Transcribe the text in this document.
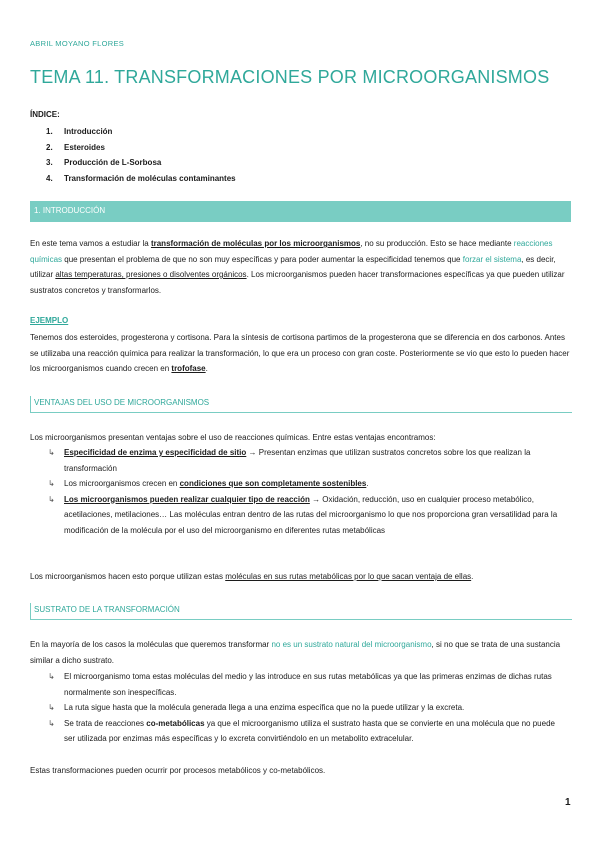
ABRIL MOYANO FLORES
TEMA 11. TRANSFORMACIONES POR MICROORGANISMOS
ÍNDICE:
1. Introducción
2. Esteroides
3. Producción de L-Sorbosa
4. Transformación de moléculas contaminantes
1. INTRODUCCIÓN

En este tema vamos a estudiar la transformación de moléculas por los microorganismos, no su producción. Esto se hace mediante reacciones químicas que presentan el problema de que no son muy específicas y para poder aumentar la especificidad tenemos que forzar el sistema, es decir, utilizar altas temperaturas, presiones o disolventes orgánicos. Los microorganismos pueden hacer transformaciones específicas ya que pueden utilizar sustratos concretos y transformarlos.

EJEMPLO

Tenemos dos esteroides, progesterona y cortisona. Para la síntesis de cortisona partimos de la progesterona que se diferencia en dos carbonos. Antes se utilizaba una reacción química para realizar la transformación, lo que era un proceso con gran coste. Posteriormente se vio que esto lo pueden hacer los microorganismos cuando crecen en trofofase.

VENTAJAS DEL USO DE MICROORGANISMOS

Los microorganismos presentan ventajas sobre el uso de reacciones químicas. Entre estas ventajas encontramos:

↳ Especificidad de enzima y especificidad de sitio → Presentan enzimas que utilizan sustratos concretos sobre los que realizan la transformación
↳ Los microorganismos crecen en condiciones que son completamente sostenibles.
↳ Los microorganismos pueden realizar cualquier tipo de reacción → Oxidación, reducción, uso en cualquier proceso metabólico, acetilaciones, metilaciones… Las moléculas entran dentro de las rutas del microorganismo lo que nos proporciona gran versatilidad para la modificación de la molécula por el uso del microorganismo en diferentes rutas metabólicas

Los microorganismos hacen esto porque utilizan estas moléculas en sus rutas metabólicas por lo que sacan ventaja de ellas.

SUSTRATO DE LA TRANSFORMACIÓN

En la mayoría de los casos la moléculas que queremos transformar no es un sustrato natural del microorganismo, si no que se trata de una sustancia similar a dicho sustrato.

↳ El microorganismo toma estas moléculas del medio y las introduce en sus rutas metabólicas ya que las primeras enzimas de dichas rutas normalmente son inespecíficas.
↳ La ruta sigue hasta que la molécula generada llega a una enzima específica que no la puede utilizar y la excreta.
↳ Se trata de reacciones co-metabólicas ya que el microorganismo utiliza el sustrato hasta que se convierte en una molécula que no puede ser utilizada por enzimas más específicas y lo excreta convirtiéndolo en un metabolito extracelular.

Estas transformaciones pueden ocurrir por procesos metabólicos y co-metabólicos.

1
